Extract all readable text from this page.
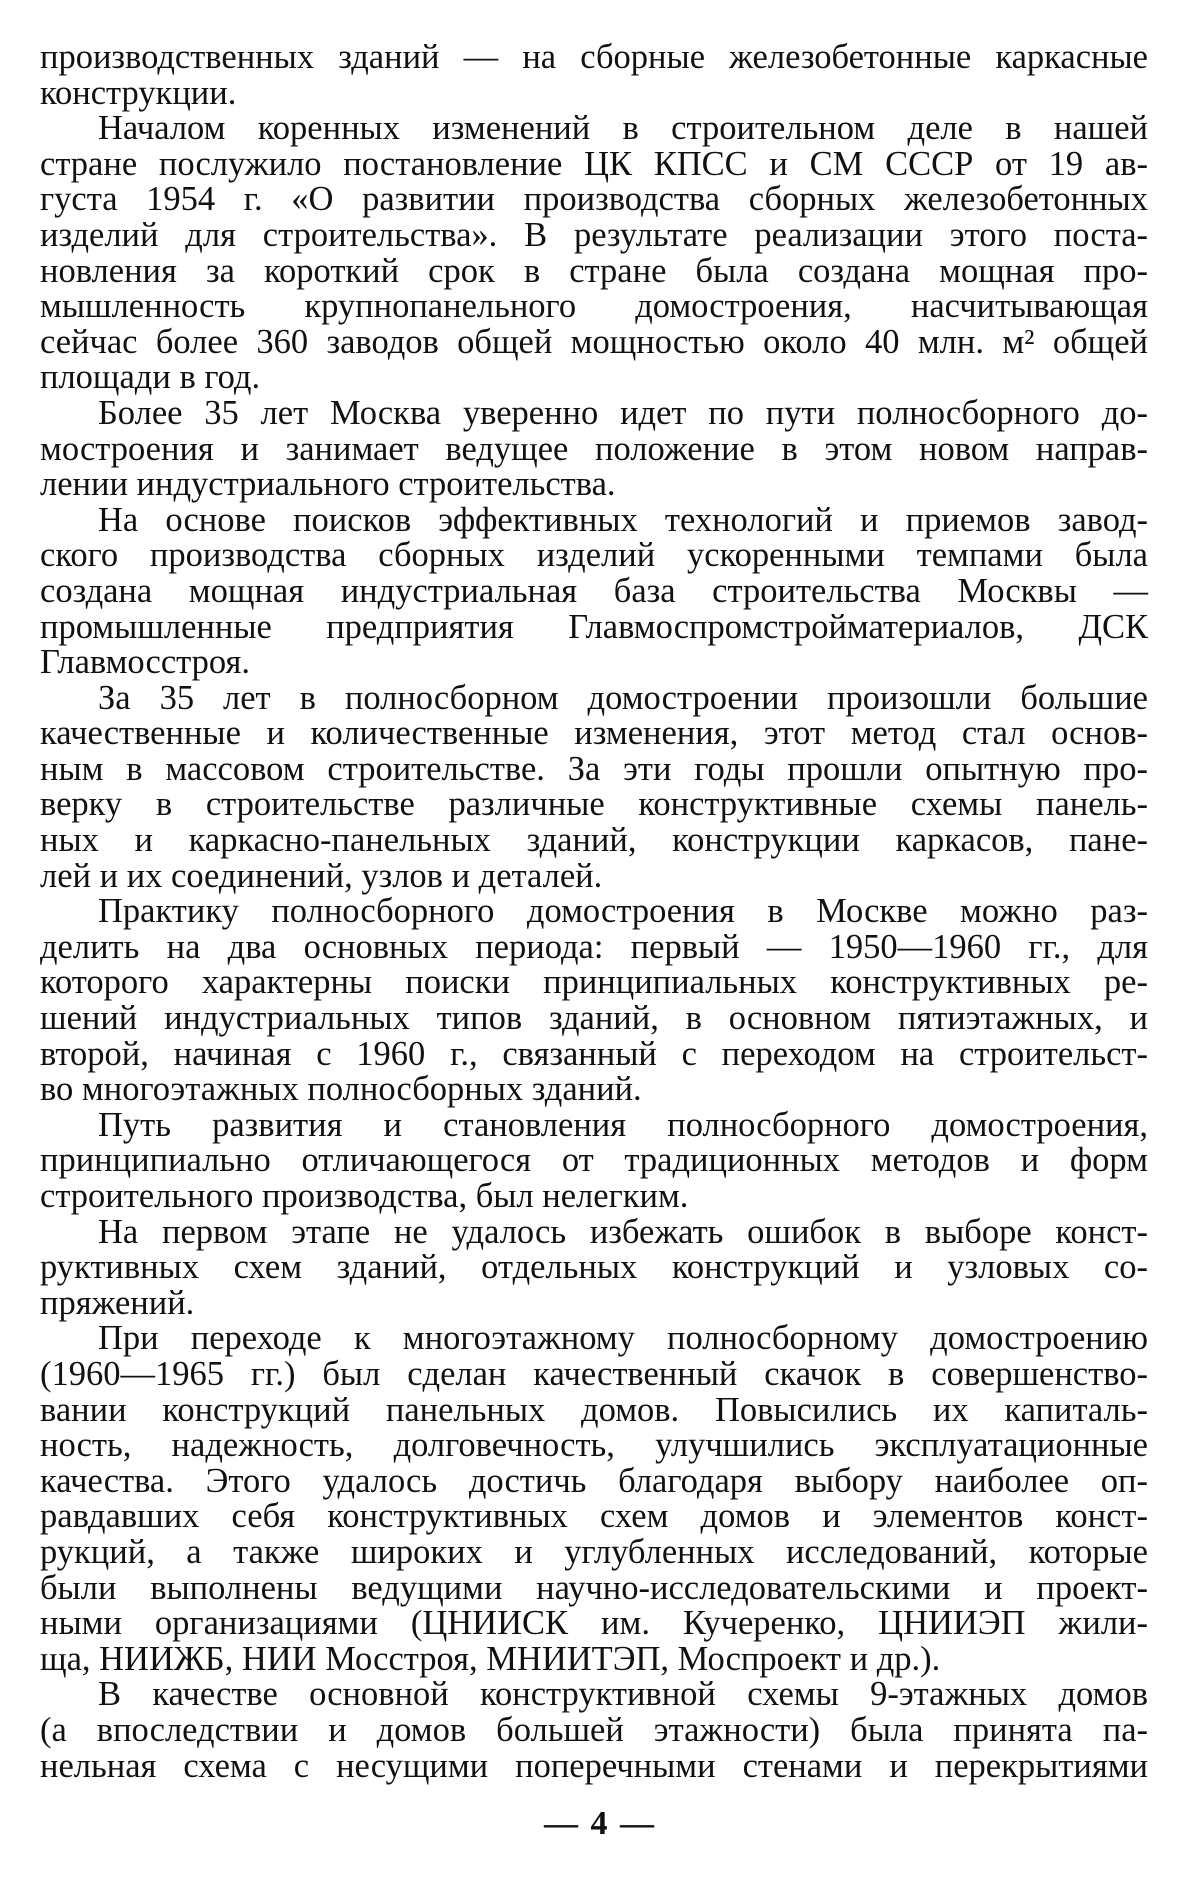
производственных зданий — на сборные железобетонные каркасные
конструкции.
Началом коренных изменений в строительном деле в нашей
стране послужило постановление ЦК КПСС и СМ СССР от 19 ав-
густа 1954 г. «О развитии производства сборных железобетонных
изделий для строительства». В результате реализации этого поста-
новления за короткий срок в стране была создана мощная про-
мышленность крупнопанельного домостроения, насчитывающая
сейчас более 360 заводов общей мощностью около 40 млн. м² общей
площади в год.
Более 35 лет Москва уверенно идет по пути полносборного до-
мостроения и занимает ведущее положение в этом новом направ-
лении индустриального строительства.
На основе поисков эффективных технологий и приемов завод-
ского производства сборных изделий ускоренными темпами была
создана мощная индустриальная база строительства Москвы —
промышленные предприятия Главмоспромстройматериалов, ДСК
Главмосстроя.
За 35 лет в полносборном домостроении произошли большие
качественные и количественные изменения, этот метод стал основ-
ным в массовом строительстве. За эти годы прошли опытную про-
верку в строительстве различные конструктивные схемы панель-
ных и каркасно-панельных зданий, конструкции каркасов, пане-
лей и их соединений, узлов и деталей.
Практику полносборного домостроения в Москве можно раз-
делить на два основных периода: первый — 1950—1960 гг., для
которого характерны поиски принципиальных конструктивных ре-
шений индустриальных типов зданий, в основном пятиэтажных, и
второй, начиная с 1960 г., связанный с переходом на строительст-
во многоэтажных полносборных зданий.
Путь развития и становления полносборного домостроения,
принципиально отличающегося от традиционных методов и форм
строительного производства, был нелегким.
На первом этапе не удалось избежать ошибок в выборе конст-
руктивных схем зданий, отдельных конструкций и узловых со-
пряжений.
При переходе к многоэтажному полносборному домостроению
(1960—1965 гг.) был сделан качественный скачок в совершенство-
вании конструкций панельных домов. Повысились их капиталь-
ность, надежность, долговечность, улучшились эксплуатационные
качества. Этого удалось достичь благодаря выбору наиболее оп-
равдавших себя конструктивных схем домов и элементов конст-
рукций, а также широких и углубленных исследований, которые
были выполнены ведущими научно-исследовательскими и проект-
ными организациями (ЦНИИСК им. Кучеренко, ЦНИИЭП жили-
ща, НИИЖБ, НИИ Мосстроя, МНИИТЭП, Моспроект и др.).
В качестве основной конструктивной схемы 9-этажных домов
(а впоследствии и домов большей этажности) была принята па-
нельная схема с несущими поперечными стенами и перекрытиями
— 4 —
